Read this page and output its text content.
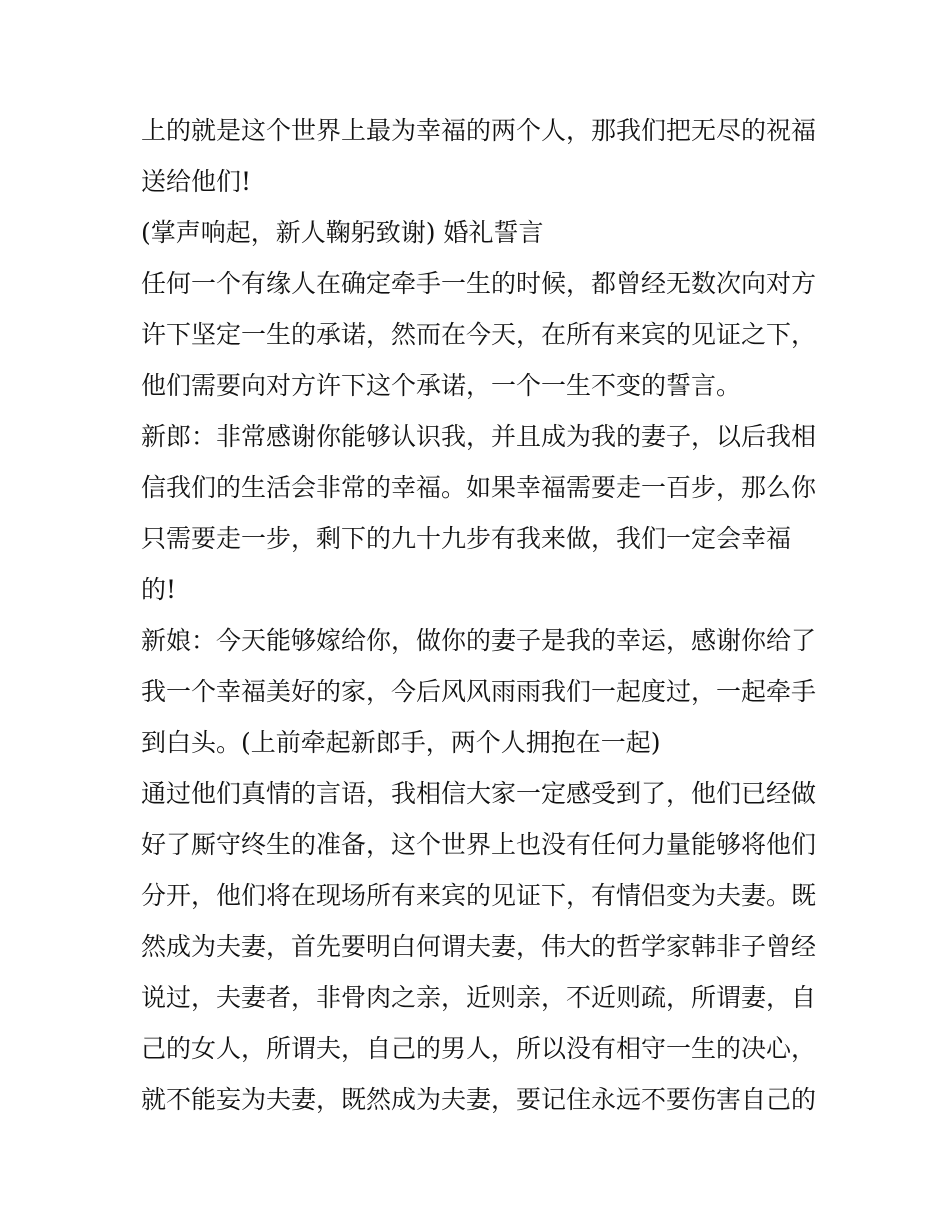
上的就是这个世界上最为幸福的两个人，那我们把无尽的祝福
送给他们!
(掌声响起，新人鞠躬致谢) 婚礼誓言
任何一个有缘人在确定牵手一生的时候，都曾经无数次向对方
许下坚定一生的承诺，然而在今天，在所有来宾的见证之下，
他们需要向对方许下这个承诺，一个一生不变的誓言。
新郎：非常感谢你能够认识我，并且成为我的妻子，以后我相
信我们的生活会非常的幸福。如果幸福需要走一百步，那么你
只需要走一步，剩下的九十九步有我来做，我们一定会幸福
的!
新娘：今天能够嫁给你，做你的妻子是我的幸运，感谢你给了
我一个幸福美好的家，今后风风雨雨我们一起度过，一起牵手
到白头。(上前牵起新郎手，两个人拥抱在一起)
通过他们真情的言语，我相信大家一定感受到了，他们已经做
好了厮守终生的准备，这个世界上也没有任何力量能够将他们
分开，他们将在现场所有来宾的见证下，有情侣变为夫妻。既
然成为夫妻，首先要明白何谓夫妻，伟大的哲学家韩非子曾经
说过，夫妻者，非骨肉之亲，近则亲，不近则疏，所谓妻，自
己的女人，所谓夫，自己的男人，所以没有相守一生的决心，
就不能妄为夫妻，既然成为夫妻，要记住永远不要伤害自己的
